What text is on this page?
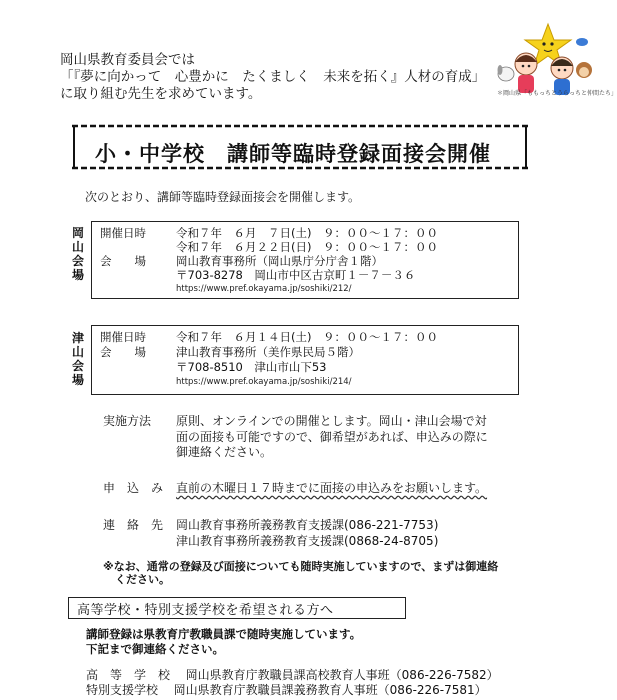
岡山県教育委員会では
「『夢に向かって　心豊かに　たくましく　未来を拓く』人材の育成」
に取り組む先生を求めています。	＊岡山県「ももっちとうらっちと仲間たち」
小・中学校　講師等臨時登録面接会開催
次のとおり、講師等臨時登録面接会を開催します。
岡
山
会
場
開催日時	令和７年　６月　７日(土)　９：００～１７：００
令和７年　６月２２日(日)　９：００～１７：００
会　　場	岡山教育事務所（岡山県庁分庁舎１階）
〒703-8278　岡山市中区古京町１－７－３６
https://www.pref.okayama.jp/soshiki/212/
津
山
会
場
開催日時	令和７年　６月１４日(土)　９：００～１７：００
会　　場	津山教育事務所（美作県民局５階）
〒708-8510　津山市山下53
https://www.pref.okayama.jp/soshiki/214/
実施方法 原則、オンラインでの開催とします。岡山・津山会場で対
面の面接も可能ですので、御希望があれば、申込みの際に
御連絡ください。
申　込　み 直前の木曜日１７時までに面接の申込みをお願いします。
連　絡　先 岡山教育事務所義務教育支援課(086-221-7753)
津山教育事務所義務教育支援課(0868-24-8705)
※なお、通常の登録及び面接についても随時実施していますので、まずは御連絡
ください。
高等学校・特別支援学校を希望される方へ
講師登録は県教育庁教職員課で随時実施しています。
下記まで御連絡ください。
高　等　学　校 岡山県教育庁教職員課高校教育人事班（086-226-7582）
特別支援学校 岡山県教育庁教職員課義務教育人事班（086-226-7581）
